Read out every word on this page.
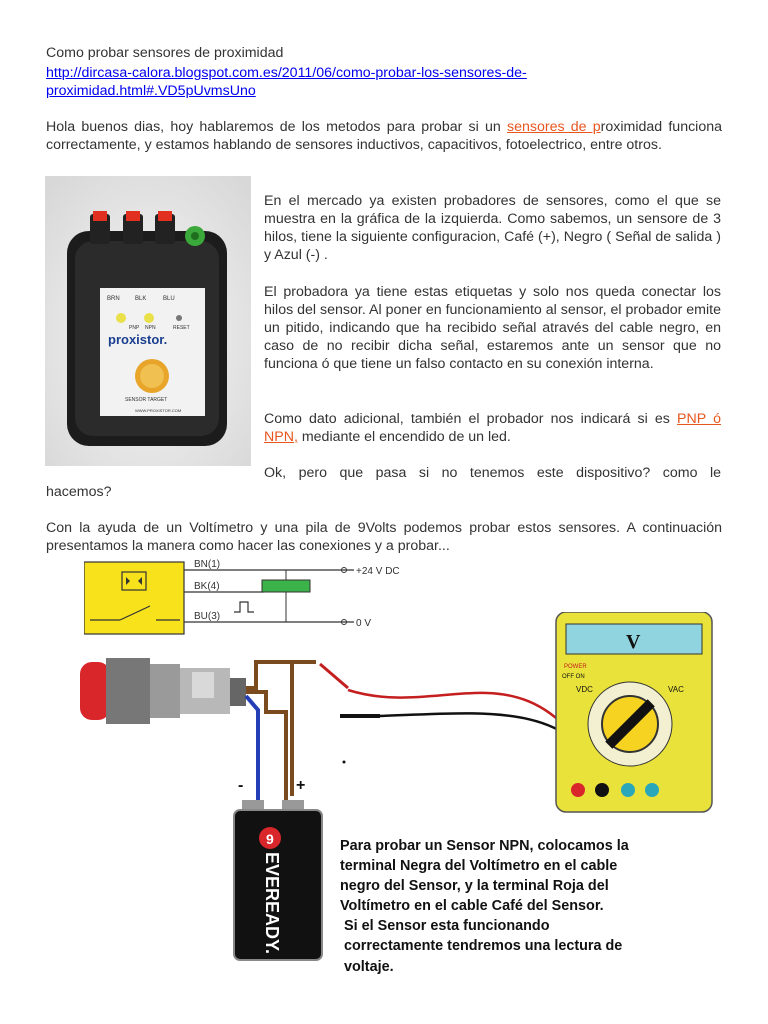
Como probar sensores de proximidad
http://dircasa-calora.blogspot.com.es/2011/06/como-probar-los-sensores-de-
proximidad.html#.VD5pUvmsUno

Hola buenos dias, hoy hablaremos de los metodos para probar si un sensores de proximidad funciona correctamente, y estamos hablando de sensores inductivos, capacitivos, fotoelectrico, entre otros.

BRN	BLK	BLU
PNP NPN	RESET
proxistor.
SENSOR TARGET
WWW.PROXISTOR.COM

En el mercado ya existen probadores de sensores, como el que se muestra en la gráfica de la izquierda. Como sabemos, un sensore de 3 hilos, tiene la siguiente configuracion, Café (+), Negro ( Señal de salida ) y Azul (-) .

El probadora ya tiene estas etiquetas y solo nos queda conectar los hilos del sensor. Al poner en funcionamiento al sensor, el probador emite un pitido, indicando que ha recibido señal através del cable negro, en caso de no recibir dicha señal, estaremos ante un sensor que no funciona ó que tiene un falso contacto en su conexión interna.

Como dato adicional, también el probador nos indicará si es PNP ó NPN, mediante el encendido de un led.

Ok, pero que pasa si no tenemos este dispositivo? como le

hacemos?

Con la ayuda de un Voltímetro y una pila de 9Volts podemos probar estos sensores. A continuación presentamos la manera como hacer las conexiones y a probar...

BN(1)
BK(4)
BU(3)
+24 V DC
0 V
-	+
9
EVEREADY.
V
POWER
OFF ON
VDC	VAC
Para probar un Sensor NPN, colocamos la
terminal Negra del Voltímetro en el cable
negro del Sensor, y la terminal Roja del
Voltímetro en el cable Café del Sensor.
Si el Sensor esta funcionando
correctamente tendremos una lectura de
voltaje.
